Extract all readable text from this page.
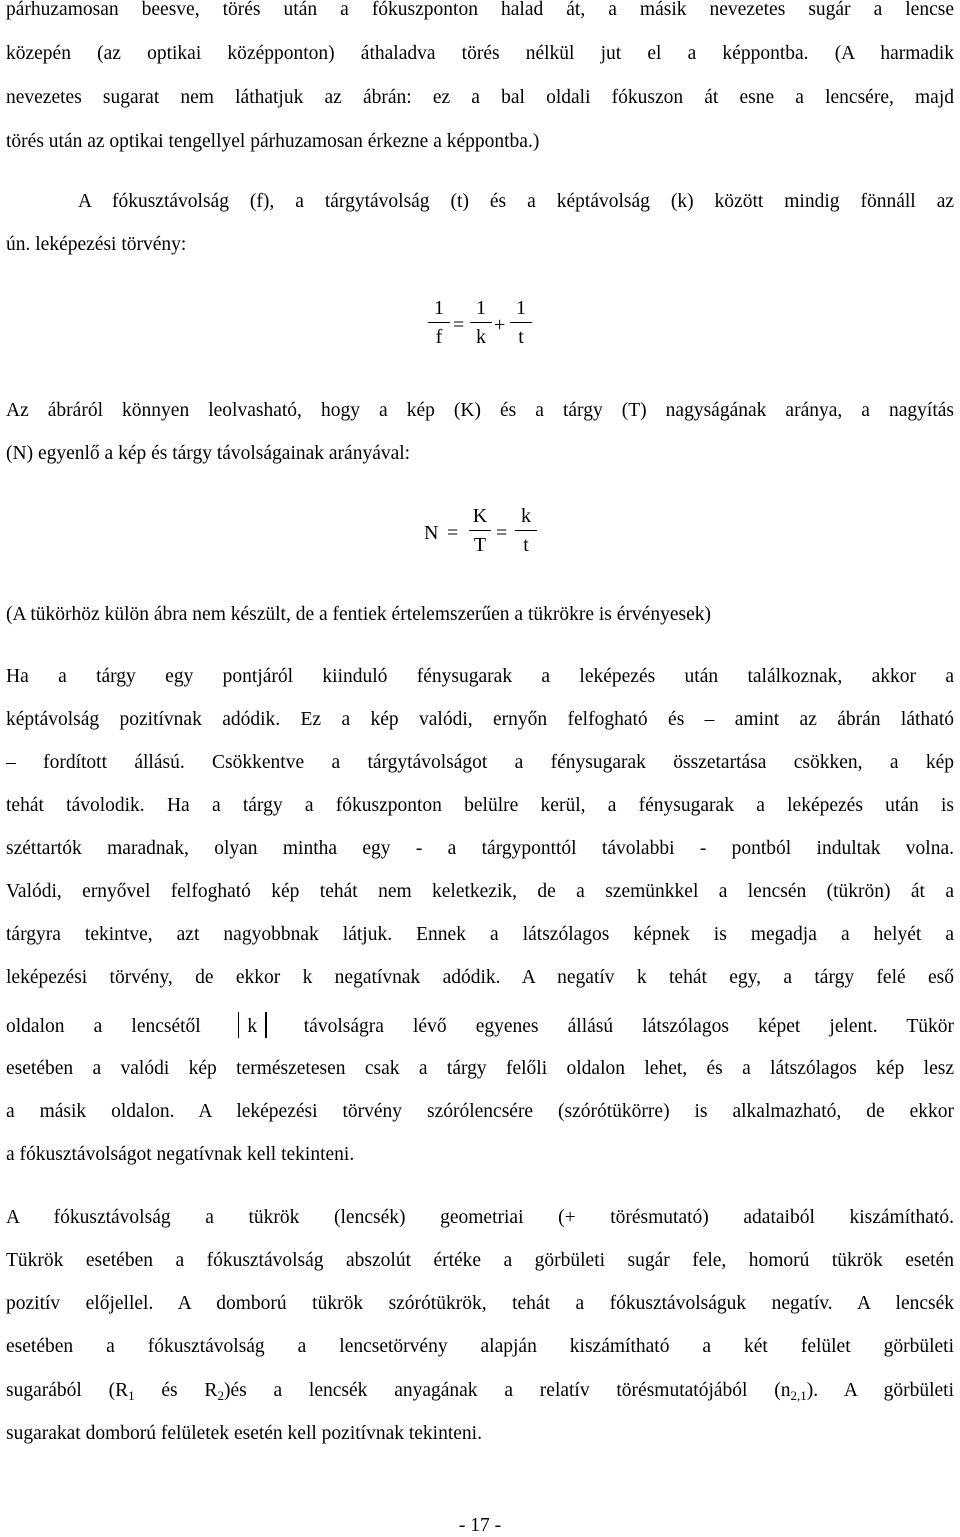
párhuzamosan beesve, törés után a fókuszponton halad át, a másik nevezetes sugár a lencse
közepén (az optikai középponton) áthaladva törés nélkül jut el a képpontba. (A harmadik
nevezetes sugarat nem láthatjuk az ábrán: ez a bal oldali fókuszon át esne a lencsére, majd
törés után az optikai tengellyel párhuzamosan érkezne a képpontba.)
A fókusztávolság (f), a tárgytávolság (t) és a képtávolság (k) között mindig fönnáll az
ún. leképezési törvény:
1
f
=
1
k
+
1
t
Az ábráról könnyen leolvasható, hogy a kép (K) és a tárgy (T) nagyságának aránya, a nagyítás
(N) egyenlő a kép és tárgy távolságainak arányával:
N =
K
T
=
k
t
(A tükörhöz külön ábra nem készült, de a fentiek értelemszerűen a tükrökre is érvényesek)
Ha a tárgy egy pontjáról kiinduló fénysugarak a leképezés után találkoznak, akkor a
képtávolság pozitívnak adódik. Ez a kép valódi, ernyőn felfogható és – amint az ábrán látható
– fordított állású. Csökkentve a tárgytávolságot a fénysugarak összetartása csökken, a kép
tehát távolodik. Ha a tárgy a fókuszponton belülre kerül, a fénysugarak a leképezés után is
széttartók maradnak, olyan mintha egy - a tárgyponttól távolabbi - pontból indultak volna.
Valódi, ernyővel felfogható kép tehát nem keletkezik, de a szemünkkel a lencsén (tükrön) át a
tárgyra tekintve, azt nagyobbnak látjuk. Ennek a látszólagos képnek is megadja a helyét a
leképezési törvény, de ekkor k negatívnak adódik. A negatív k tehát egy, a tárgy felé eső
oldalon a lencsétől k távolságra lévő egyenes állású látszólagos képet jelent. Tükör
esetében a valódi kép természetesen csak a tárgy felőli oldalon lehet, és a látszólagos kép lesz
a másik oldalon. A leképezési törvény szórólencsére (szórótükörre) is alkalmazható, de ekkor
a fókusztávolságot negatívnak kell tekinteni.
A fókusztávolság a tükrök (lencsék) geometriai (+ törésmutató) adataiból kiszámítható.
Tükrök esetében a fókusztávolság abszolút értéke a görbületi sugár fele, homorú tükrök esetén
pozitív előjellel. A domború tükrök szórótükrök, tehát a fókusztávolságuk negatív. A lencsék
esetében a fókusztávolság a lencsetörvény alapján kiszámítható a két felület görbületi
sugarából ($R_1$ és $R_2)és$ a lencsék anyagának a relatív törésmutatójából $(n_{2,1})$. A görbületi
sugarakat domború felületek esetén kell pozitívnak tekinteni.
- 17 -
